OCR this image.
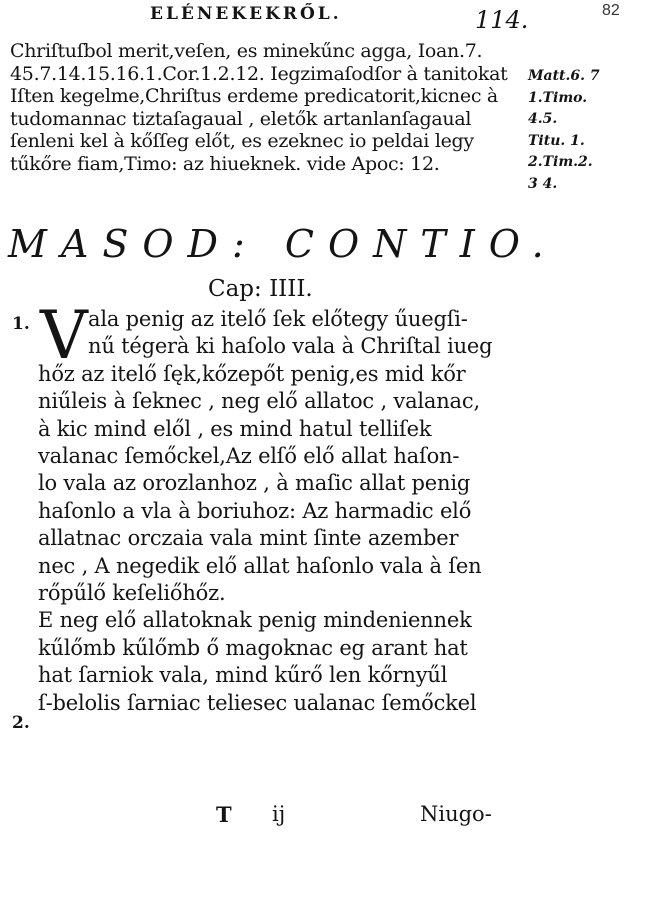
ELÉNEKEKRŐL.	114.	82
Chriſtuſbol merit,veſen, es minekűnc agga, Ioan.7.
45.7.14.15.16.1.Cor.1.2.12. Iegzimaſodſor à tanitokat
Iſten kegelme,Chriſtus erdeme predicatorit,kicnec à
tudomannac tiztaſagaual , eletők artanlanſagaual
ſenleni kel à kőſſeg előt, es ezeknec io peldai legy
tűkőre fiam,Timo: az hiueknek. vide Apoc: 12.
Matt.6. 7
1.Timo.
4.5.
Titu. 1.
2.Tim.2.
3 4.
MASOD: CONTIO.
Cap: IIII.
1.
2.
V ala penig az itelő ſek előtegy űuegſi-
nű tégerà ki haſolo vala à Chriſtal iueg
hőz az itelő ſęk,kőzepőt penig,es mid kőr
niűleis à ſeknec , neg elő allatoc , valanac,
à kic mind elől , es mind hatul telliſek
valanac ſemőckel,Az elſő elő allat haſon-
lo vala az orozlanhoz , à maſic allat penig
haſonlo a vla à boriuhoz: Az harmadic elő
allatnac orczaia vala mint ſinte azember
nec , A negedik elő allat haſonlo vala à ſen
rőpűlő keſeliőhőz.
E neg elő allatoknak penig mindeniennek
kűlőmb kűlőmb ő magoknac eg arant hat
hat ſarniok vala, mind kűrő len kőrnyűl
ſ-belolis ſarniac teliesec ualanac ſemőckel
T ij	Niugo-
